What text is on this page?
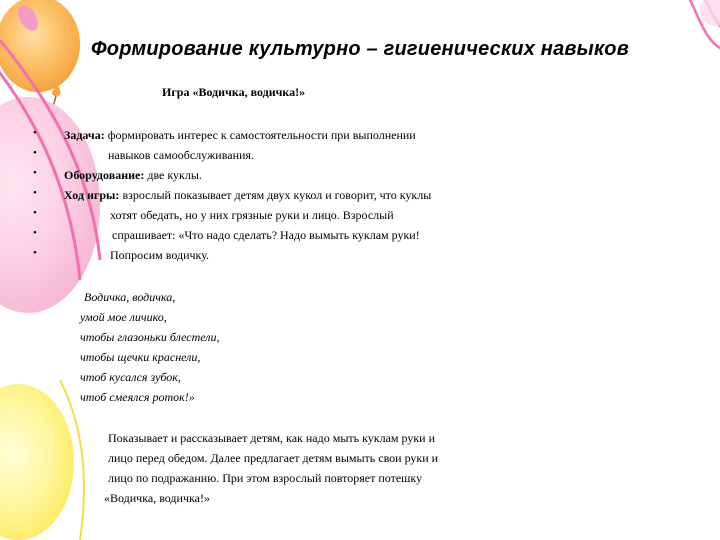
Формирование культурно – гигиенических навыков
Игра «Водичка, водичка!»
•
•
•
•
•
•
•
Задача: формировать интерес к самостоятельности при выполнении
навыков самообслуживания.
Оборудование: две куклы.
Ход игры: взрослый показывает детям двух кукол и говорит, что куклы
хотят обедать, но у них грязные руки и лицо. Взрослый
спрашивает: «Что надо сделать? Надо вымыть куклам руки!
Попросим водичку.
Водичка, водичка,
умой мое личико,
чтобы глазоньки блестели,
чтобы щечки краснели,
чтоб кусался зубок,
чтоб смеялся роток!»
Показывает и рассказывает детям, как надо мыть куклам руки и
лицо перед обедом. Далее предлагает детям вымыть свои руки и
лицо по подражанию. При этом взрослый повторяет потешку
«Водичка, водичка!»
